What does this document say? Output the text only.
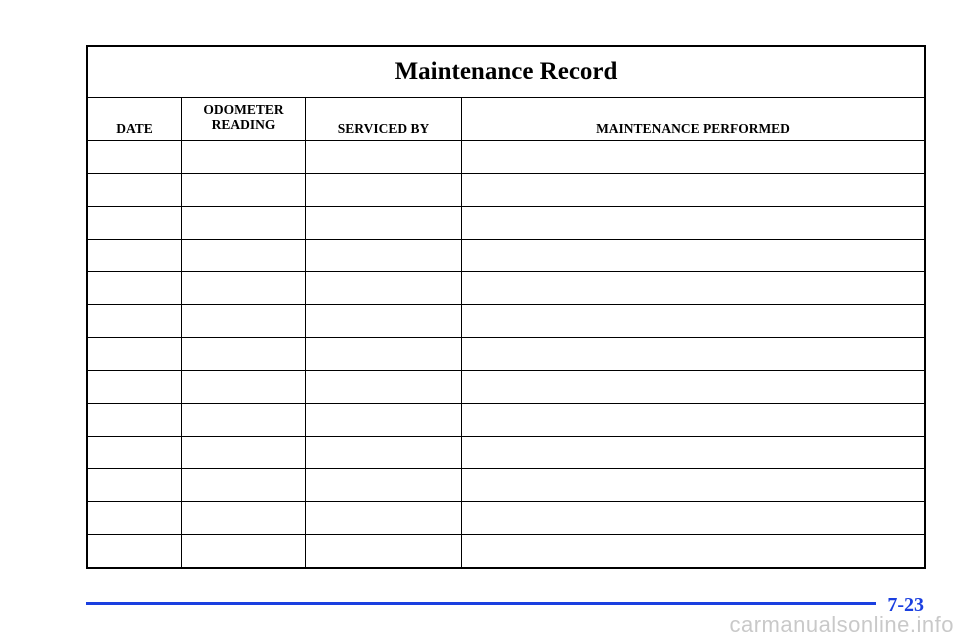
Maintenance Record
DATE
ODOMETER
READING	SERVICED BY	MAINTENANCE PERFORMED
7-23
carmanualsonline.info
